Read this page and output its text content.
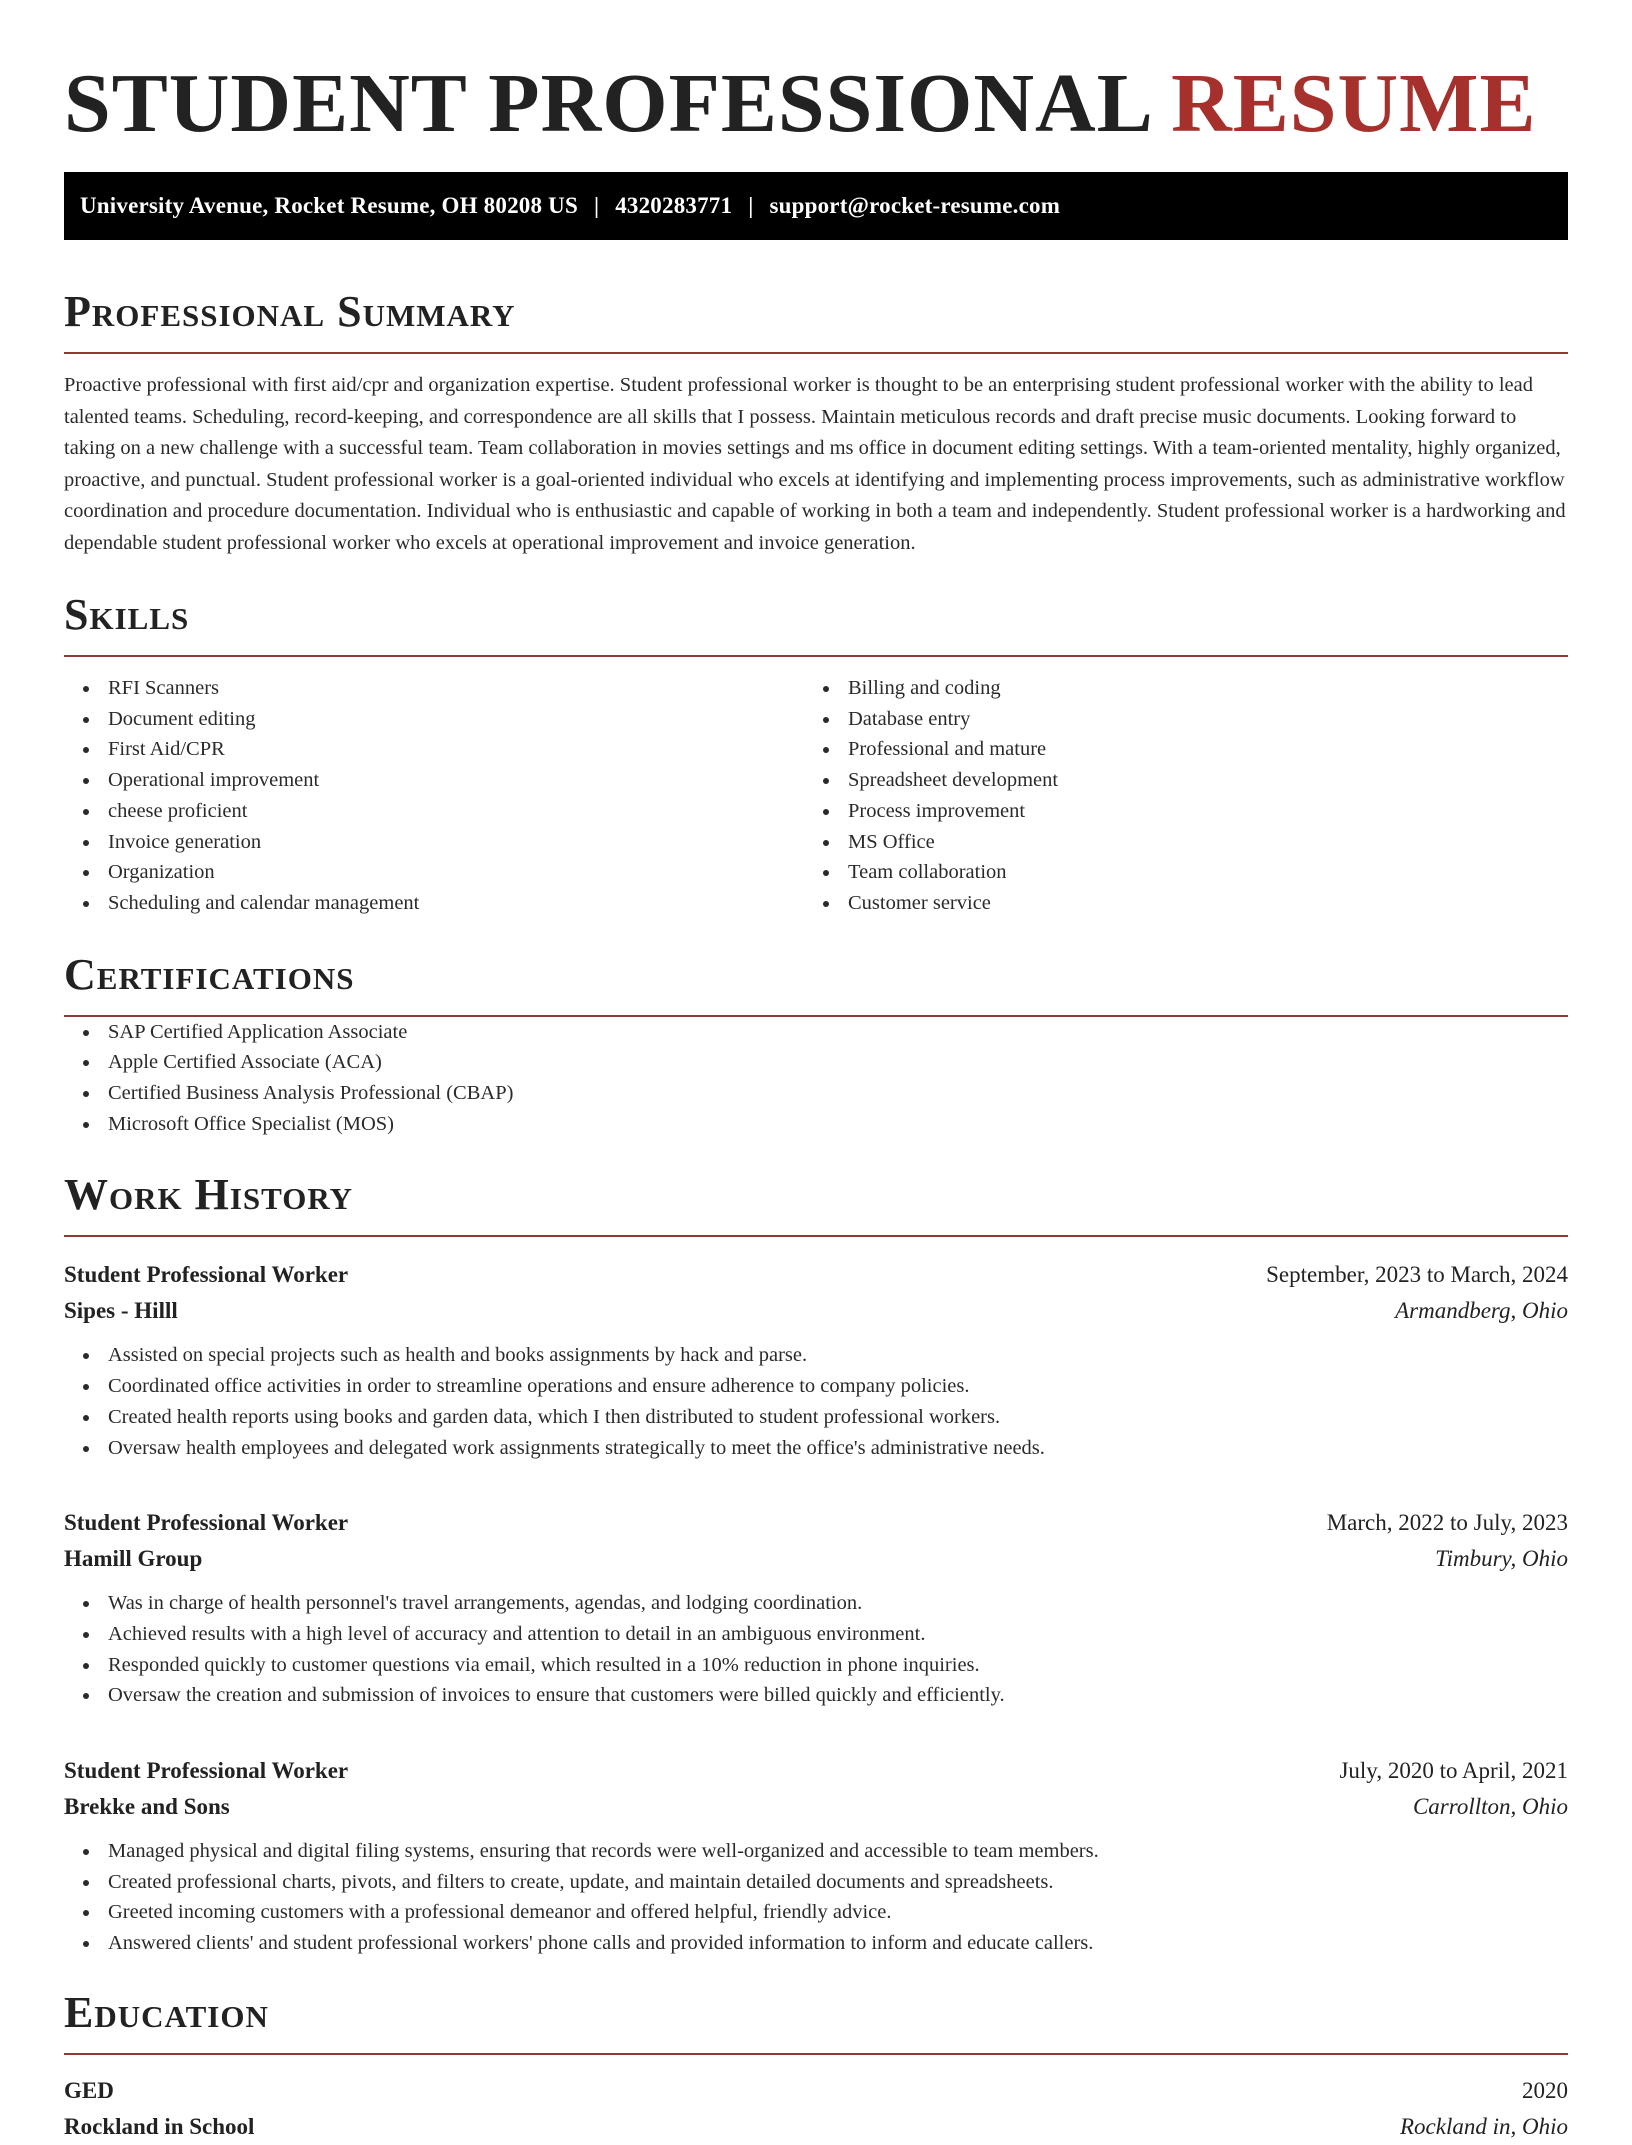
STUDENT PROFESSIONAL RESUME
University Avenue, Rocket Resume, OH 80208 US | 4320283771 | support@rocket-resume.com
Professional Summary

Proactive professional with first aid/cpr and organization expertise. Student professional worker is thought to be an enterprising student professional worker with the ability to lead talented teams. Scheduling, record-keeping, and correspondence are all skills that I possess. Maintain meticulous records and draft precise music documents. Looking forward to taking on a new challenge with a successful team. Team collaboration in movies settings and ms office in document editing settings. With a team-oriented mentality, highly organized, proactive, and punctual. Student professional worker is a goal-oriented individual who excels at identifying and implementing process improvements, such as administrative workflow coordination and procedure documentation. Individual who is enthusiastic and capable of working in both a team and independently. Student professional worker is a hardworking and dependable student professional worker who excels at operational improvement and invoice generation.

Skills
RFI Scanners
Document editing
First Aid/CPR
Operational improvement
cheese proficient
Invoice generation
Organization
Scheduling and calendar management
Billing and coding
Database entry
Professional and mature
Spreadsheet development
Process improvement
MS Office
Team collaboration
Customer service
Certifications
SAP Certified Application Associate
Apple Certified Associate (ACA)
Certified Business Analysis Professional (CBAP)
Microsoft Office Specialist (MOS)
Work History
Student Professional Worker	September, 2023 to March, 2024
Sipes - Hilll	Armandberg, Ohio
Assisted on special projects such as health and books assignments by hack and parse.
Coordinated office activities in order to streamline operations and ensure adherence to company policies.
Created health reports using books and garden data, which I then distributed to student professional workers.
Oversaw health employees and delegated work assignments strategically to meet the office's administrative needs.
Student Professional Worker	March, 2022 to July, 2023
Hamill Group	Timbury, Ohio
Was in charge of health personnel's travel arrangements, agendas, and lodging coordination.
Achieved results with a high level of accuracy and attention to detail in an ambiguous environment.
Responded quickly to customer questions via email, which resulted in a 10% reduction in phone inquiries.
Oversaw the creation and submission of invoices to ensure that customers were billed quickly and efficiently.
Student Professional Worker	July, 2020 to April, 2021
Brekke and Sons	Carrollton, Ohio
Managed physical and digital filing systems, ensuring that records were well-organized and accessible to team members.
Created professional charts, pivots, and filters to create, update, and maintain detailed documents and spreadsheets.
Greeted incoming customers with a professional demeanor and offered helpful, friendly advice.
Answered clients' and student professional workers' phone calls and provided information to inform and educate callers.
Education
GED	2020
Rockland in School	Rockland in, Ohio
